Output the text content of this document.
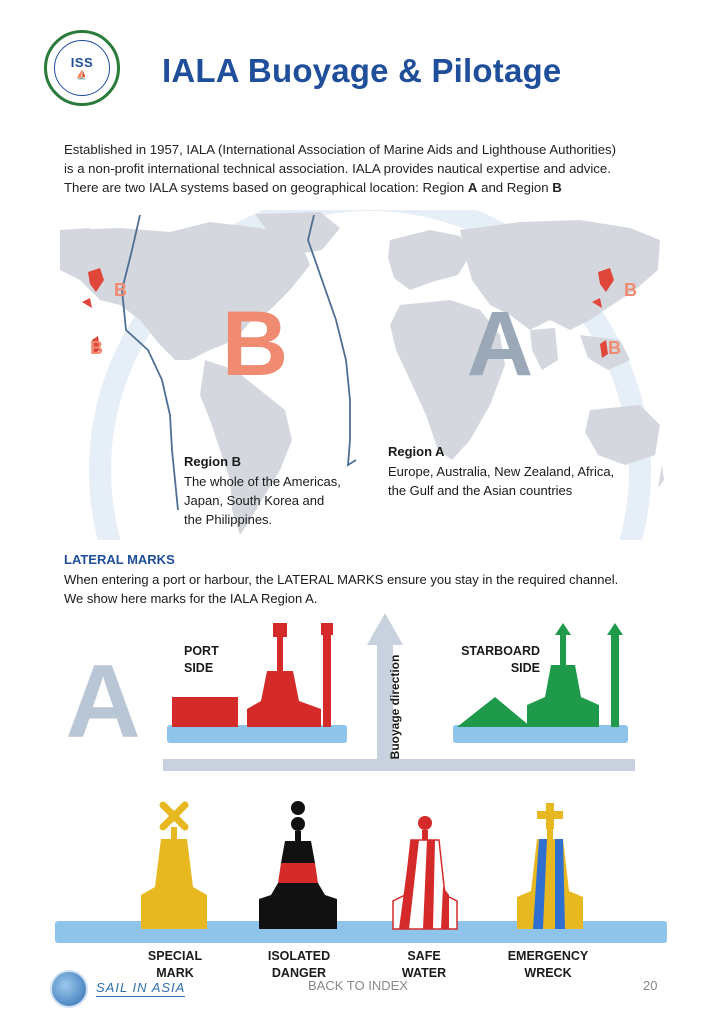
ISS
⛵ IALA Buoyage & Pilotage
Established in 1957, IALA (International Association of Marine Aids and Lighthouse Authorities)
is a non-profit international technical association. IALA provides nautical expertise and advice.
There are two IALA systems based on geographical location: Region A and Region B
B A
B
B
B
B
Region B
The whole of the Americas,
Japan, South Korea and
the Philippines.
Region A
Europe, Australia, New Zealand, Africa,
the Gulf and the Asian countries
LATERAL MARKS
When entering a port or harbour, the LATERAL MARKS ensure you stay in the required channel.
We show here marks for the IALA Region A.
A	PORT
SIDE
STARBOARD
SIDE
Buoyage direction
SPECIAL
MARK
ISOLATED
DANGER
SAFE
WATER
EMERGENCY
WRECK
SAIL IN ASIA	BACK TO INDEX	20
